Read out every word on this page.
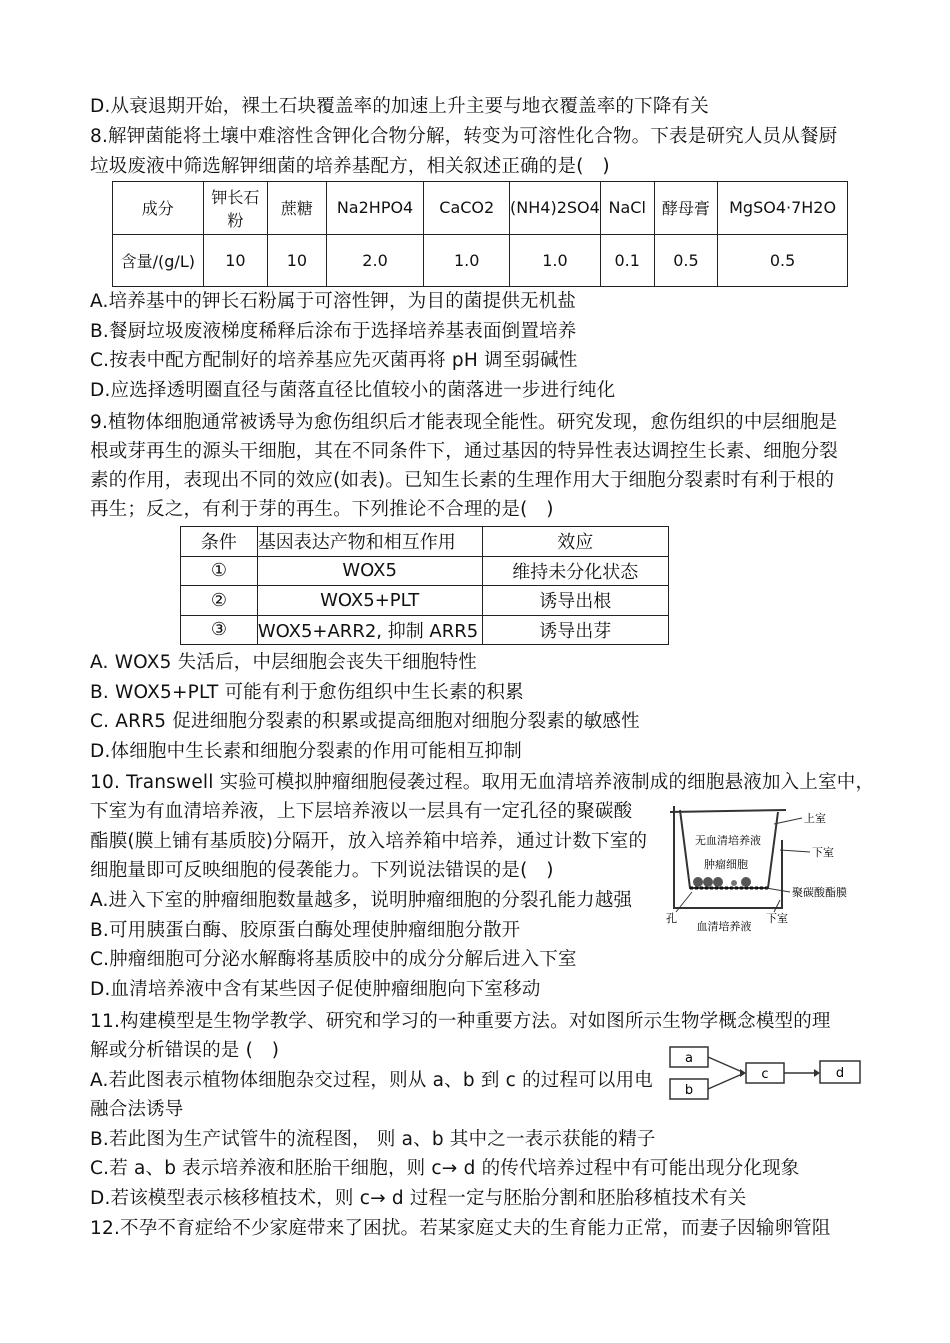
D.从衰退期开始，裸土石块覆盖率的加速上升主要与地衣覆盖率的下降有关
8.解钾菌能将土壤中难溶性含钾化合物分解，转变为可溶性化合物。下表是研究人员从餐厨
垃圾废液中筛选解钾细菌的培养基配方，相关叙述正确的是(　)
成分	钾长石粉	蔗糖	Na2HPO4	CaCO2	(NH4)2SO4	NaCl	酵母膏	MgSO4·7H2O
含量/(g/L)	10	10	2.0	1.0	1.0	0.1	0.5	0.5
A.培养基中的钾长石粉属于可溶性钾，为目的菌提供无机盐
B.餐厨垃圾废液梯度稀释后涂布于选择培养基表面倒置培养
C.按表中配方配制好的培养基应先灭菌再将 pH 调至弱碱性
D.应选择透明圈直径与菌落直径比值较小的菌落进一步进行纯化
9.植物体细胞通常被诱导为愈伤组织后才能表现全能性。研究发现，愈伤组织的中层细胞是
根或芽再生的源头干细胞，其在不同条件下，通过基因的特异性表达调控生长素、细胞分裂
素的作用，表现出不同的效应(如表)。已知生长素的生理作用大于细胞分裂素时有利于根的
再生；反之，有利于芽的再生。下列推论不合理的是(　)
条件	基因表达产物和相互作用	效应
①	WOX5	维持未分化状态
②	WOX5+PLT	诱导出根
③	WOX5+ARR2, 抑制 ARR5	诱导出芽
A. WOX5 失活后，中层细胞会丧失干细胞特性
B. WOX5+PLT 可能有利于愈伤组织中生长素的积累
C. ARR5 促进细胞分裂素的积累或提高细胞对细胞分裂素的敏感性
D.体细胞中生长素和细胞分裂素的作用可能相互抑制
10. Transwell 实验可模拟肿瘤细胞侵袭过程。取用无血清培养液制成的细胞悬液加入上室中，
下室为有血清培养液，上下层培养液以一层具有一定孔径的聚碳酸
酯膜(膜上铺有基质胶)分隔开，放入培养箱中培养，通过计数下室的
细胞量即可反映细胞的侵袭能力。下列说法错误的是(　)
A.进入下室的肿瘤细胞数量越多，说明肿瘤细胞的分裂孔能力越强
B.可用胰蛋白酶、胶原蛋白酶处理使肿瘤细胞分散开
C.肿瘤细胞可分泌水解酶将基质胶中的成分分解后进入下室
D.血清培养液中含有某些因子促使肿瘤细胞向下室移动
无血清培养液
肿瘤细胞
血清培养液
上室
下室
聚碳酸酯膜
下室
孔
11.构建模型是生物学教学、研究和学习的一种重要方法。对如图所示生物学概念模型的理
解或分析错误的是 (　)
A.若此图表示植物体细胞杂交过程，则从 a、b 到 c 的过程可以用电
融合法诱导
B.若此图为生产试管牛的流程图， 则 a、b 其中之一表示获能的精子
C.若 a、b 表示培养液和胚胎干细胞，则 c→ d 的传代培养过程中有可能出现分化现象
D.若该模型表示核移植技术，则 c→ d 过程一定与胚胎分割和胚胎移植技术有关
a
b
c	d
12.不孕不育症给不少家庭带来了困扰。若某家庭丈夫的生育能力正常，而妻子因输卵管阻
